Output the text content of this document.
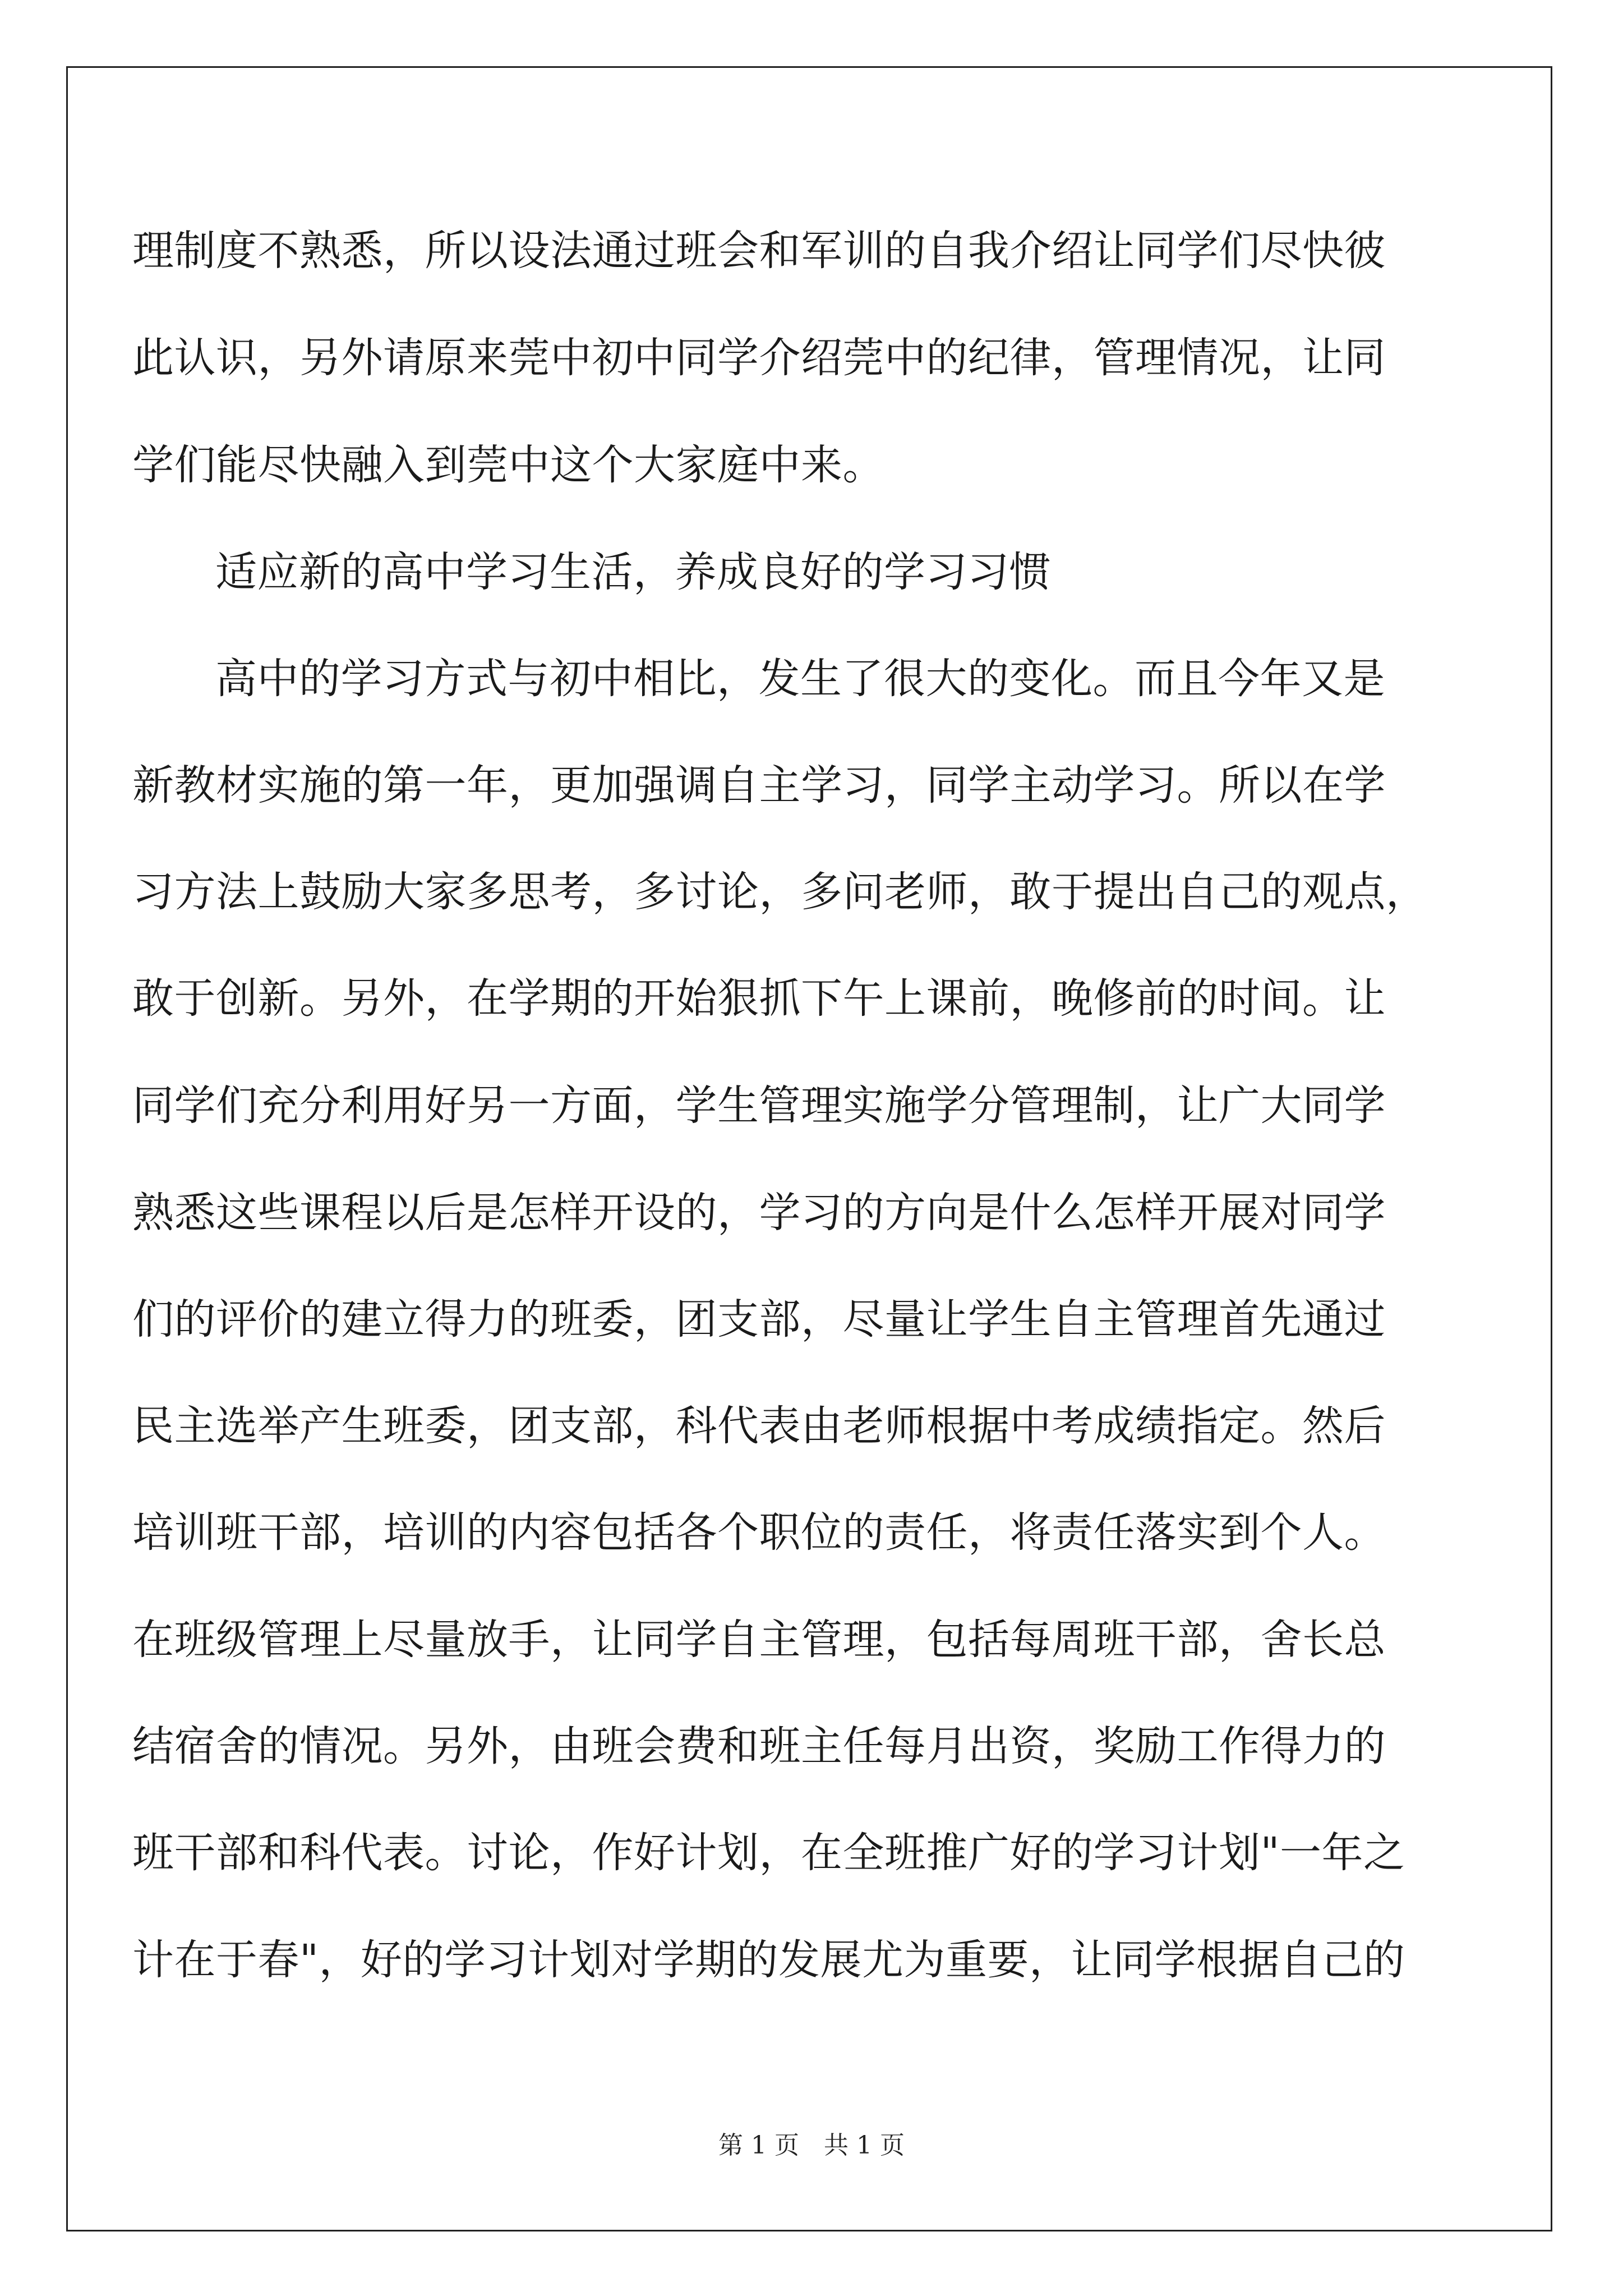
理制度不熟悉，所以设法通过班会和军训的自我介绍让同学们尽快彼
此认识，另外请原来莞中初中同学介绍莞中的纪律，管理情况，让同
学们能尽快融入到莞中这个大家庭中来。
适应新的高中学习生活，养成良好的学习习惯
高中的学习方式与初中相比，发生了很大的变化。而且今年又是
新教材实施的第一年，更加强调自主学习，同学主动学习。所以在学
习方法上鼓励大家多思考，多讨论，多问老师，敢于提出自己的观点，
敢于创新。另外，在学期的开始狠抓下午上课前，晚修前的时间。让
同学们充分利用好另一方面，学生管理实施学分管理制，让广大同学
熟悉这些课程以后是怎样开设的，学习的方向是什么怎样开展对同学
们的评价的建立得力的班委，团支部，尽量让学生自主管理首先通过
民主选举产生班委，团支部，科代表由老师根据中考成绩指定。然后
培训班干部，培训的内容包括各个职位的责任，将责任落实到个人。
在班级管理上尽量放手，让同学自主管理，包括每周班干部，舍长总
结宿舍的情况。另外，由班会费和班主任每月出资，奖励工作得力的
班干部和科代表。讨论，作好计划，在全班推广好的学习计划"一年之
计在于春"，好的学习计划对学期的发展尤为重要，让同学根据自己的
第 1 页　共 1 页
